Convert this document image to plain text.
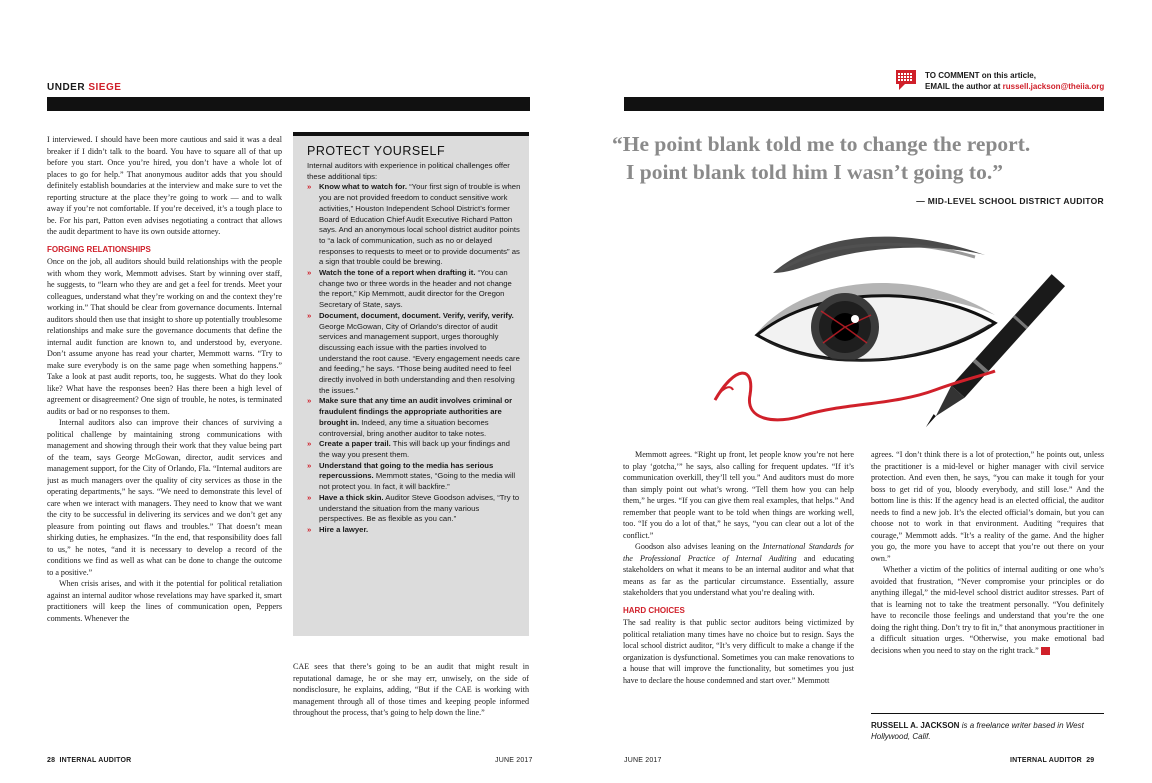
UNDER SIEGE
TO COMMENT on this article,
EMAIL the author at russell.jackson@theiia.org

I interviewed. I should have been more cautious and said it was a deal breaker if I didn’t talk to the board. You have to square all of that up before you start. Once you’re hired, you don’t have a whole lot of places to go for help.” That anonymous auditor adds that you should definitely establish boundaries at the interview and make sure to vet the reporting structure at the place they’re going to work — and to walk away if you’re not comfortable. If you’re deceived, it’s a tough place to be. For his part, Patton even advises negotiating a contract that allows the audit department to have its own outside attorney.

FORGING RELATIONSHIPS

Once on the job, all auditors should build relationships with the people with whom they work, Memmott advises. Start by winning over staff, he suggests, to “learn who they are and get a feel for trends. Meet your colleagues, understand what they’re working on and the context they’re working in.” That should be clear from governance documents. Internal auditors should then use that insight to shore up potentially troublesome relationships and make sure the governance documents that define the internal audit function are known to, and understood by, everyone. Don’t assume anyone has read your charter, Memmott warns. “Try to make sure everybody is on the same page when something happens.” Take a look at past audit reports, too, he suggests. What do they look like? What have the responses been? Has there been a high level of agreement or disagreement? One sign of trouble, he notes, is terminated audits or bad or no responses to them.

Internal auditors also can improve their chances of surviving a political challenge by maintaining strong communications with management and showing through their work that they value being part of the team, says George McGowan, director, audit services and management support, for the City of Orlando, Fla. “Internal auditors are just as much managers over the quality of city services as those in the operating departments,” he says. “We need to demonstrate this level of care when we interact with managers. They need to know that we want the city to be successful in delivering its services and we don’t get any pleasure from pointing out flaws and troubles.” That doesn’t mean shirking duties, he emphasizes. “In the end, that responsibility does fall to us,” he notes, “and it is necessary to develop a record of the conditions we find as well as what can be done to change the outcome to a positive.”

When crisis arises, and with it the potential for political retaliation against an internal auditor whose revelations may have sparked it, smart practitioners will keep the lines of communication open, Peppers comments. Whenever the

PROTECT YOURSELF
Internal auditors with experience in political challenges offer these additional tips:
» Know what to watch for. “Your first sign of trouble is when you are not provided freedom to conduct sensitive work activities,” Houston Independent School District’s former Board of Education Chief Audit Executive Richard Patton says. And an anonymous local school district auditor points to “a lack of communication, such as no or delayed responses to requests to meet or to provide documents” as a sign that trouble could be brewing.
» Watch the tone of a report when drafting it. “You can change two or three words in the header and not change the report,” Kip Memmott, audit director for the Oregon Secretary of State, says.
» Document, document, document. Verify, verify, verify. George McGowan, City of Orlando’s director of audit services and management support, urges thoroughly discussing each issue with the parties involved to understand the root cause. “Every engagement needs care and feeding,” he says. “Those being audited need to feel directly involved in both understanding and then resolving the issues.”
» Make sure that any time an audit involves criminal or fraudulent findings the appropriate authorities are brought in. Indeed, any time a situation becomes controversial, bring another auditor to take notes.
» Create a paper trail. This will back up your findings and the way you present them.
» Understand that going to the media has serious repercussions. Memmott states, “Going to the media will not protect you. In fact, it will backfire.”
» Have a thick skin. Auditor Steve Goodson advises, “Try to understand the situation from the many various perspectives. Be as flexible as you can.”
» Hire a lawyer.

CAE sees that there’s going to be an audit that might result in reputational damage, he or she may err, unwisely, on the side of nondisclosure, he explains, adding, “But if the CAE is working with management through all of those times and keeping people informed throughout the process, that’s going to help down the line.”

“He point blank told me to change the report.
I point blank told him I wasn’t going to.”
— MID-LEVEL SCHOOL DISTRICT AUDITOR

Memmott agrees. “Right up front, let people know you’re not here to play ‘gotcha,’” he says, also calling for frequent updates. “If it’s communication overkill, they’ll tell you.” And auditors must do more than simply point out what’s wrong. “Tell them how you can help them,” he urges. “If you can give them real examples, that helps.” And remember that people want to be told when things are working well, too. “If you do a lot of that,” he says, “you can clear out a lot of the conflict.”

Goodson also advises leaning on the International Standards for the Professional Practice of Internal Auditing and educating stakeholders on what it means to be an internal auditor and what that means as far as the particular circumstance. Essentially, assure stakeholders that you understand what you’re dealing with.

HARD CHOICES

The sad reality is that public sector auditors being victimized by political retaliation many times have no choice but to resign. Says the local school district auditor, “It’s very difficult to make a change if the organization is dysfunctional. Sometimes you can make renovations to a house that will improve the functionality, but sometimes you just have to declare the house condemned and start over.” Memmott

agrees. “I don’t think there is a lot of protection,” he points out, unless the practitioner is a mid-level or higher manager with civil service protection. And even then, he says, “you can make it tough for your boss to get rid of you, bloody everybody, and still lose.” And the bottom line is this: If the agency head is an elected official, the auditor needs to find a new job. It’s the elected official’s domain, but you can choose not to work in that environment. Auditing “requires that courage,” Memmott adds. “It’s a reality of the game. And the higher you go, the more you have to accept that you’re out there on your own.”

Whether a victim of the politics of internal auditing or one who’s avoided that frustration, “Never compromise your principles or do anything illegal,” the mid-level school district auditor stresses. Part of that is learning not to take the treatment personally. “You definitely have to reconcile those feelings and understand that you’re the one doing the right thing. Don’t try to fit in,” that anonymous practitioner in a difficult situation urges. “Otherwise, you make emotional bad decisions when you need to stay on the right track.” IA

RUSSELL A. JACKSON is a freelance writer based in West Hollywood, Calif.
28 INTERNAL AUDITOR	JUNE 2017	JUNE 2017	INTERNAL AUDITOR 29
